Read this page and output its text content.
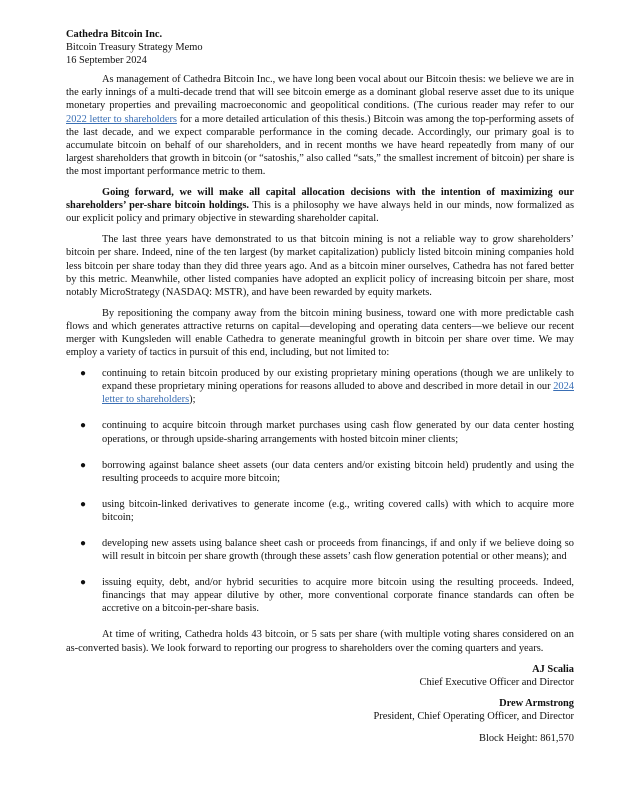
Cathedra Bitcoin Inc.
Bitcoin Treasury Strategy Memo
16 September 2024

As management of Cathedra Bitcoin Inc., we have long been vocal about our Bitcoin thesis: we believe we are in the early innings of a multi-decade trend that will see bitcoin emerge as a dominant global reserve asset due to its unique monetary properties and prevailing macroeconomic and geopolitical conditions. (The curious reader may refer to our 2022 letter to shareholders for a more detailed articulation of this thesis.) Bitcoin was among the top-performing assets of the last decade, and we expect comparable performance in the coming decade. Accordingly, our primary goal is to accumulate bitcoin on behalf of our shareholders, and in recent months we have heard repeatedly from many of our largest shareholders that growth in bitcoin (or “satoshis,” also called “sats,” the smallest increment of bitcoin) per share is the most important performance metric to them.

Going forward, we will make all capital allocation decisions with the intention of maximizing our shareholders’ per-share bitcoin holdings. This is a philosophy we have always held in our minds, now formalized as our explicit policy and primary objective in stewarding shareholder capital.

The last three years have demonstrated to us that bitcoin mining is not a reliable way to grow shareholders’ bitcoin per share. Indeed, nine of the ten largest (by market capitalization) publicly listed bitcoin mining companies hold less bitcoin per share today than they did three years ago. And as a bitcoin miner ourselves, Cathedra has not fared better by this metric. Meanwhile, other listed companies have adopted an explicit policy of increasing bitcoin per share, most notably MicroStrategy (NASDAQ: MSTR), and have been rewarded by equity markets.

By repositioning the company away from the bitcoin mining business, toward one with more predictable cash flows and which generates attractive returns on capital—developing and operating data centers—we believe our recent merger with Kungsleden will enable Cathedra to generate meaningful growth in bitcoin per share over time. We may employ a variety of tactics in pursuit of this end, including, but not limited to:

● continuing to retain bitcoin produced by our existing proprietary mining operations (though we are unlikely to expand these proprietary mining operations for reasons alluded to above and described in more detail in our 2024 letter to shareholders);
● continuing to acquire bitcoin through market purchases using cash flow generated by our data center hosting operations, or through upside-sharing arrangements with hosted bitcoin miner clients;
● borrowing against balance sheet assets (our data centers and/or existing bitcoin held) prudently and using the resulting proceeds to acquire more bitcoin;
● using bitcoin-linked derivatives to generate income (e.g., writing covered calls) with which to acquire more bitcoin;
● developing new assets using balance sheet cash or proceeds from financings, if and only if we believe doing so will result in bitcoin per share growth (through these assets’ cash flow generation potential or other means); and
● issuing equity, debt, and/or hybrid securities to acquire more bitcoin using the resulting proceeds. Indeed, financings that may appear dilutive by other, more conventional corporate finance standards can often be accretive on a bitcoin-per-share basis.

At time of writing, Cathedra holds 43 bitcoin, or 5 sats per share (with multiple voting shares considered on an as-converted basis). We look forward to reporting our progress to shareholders over the coming quarters and years.

AJ Scalia
Chief Executive Officer and Director
Drew Armstrong
President, Chief Operating Officer, and Director
Block Height: 861,570
